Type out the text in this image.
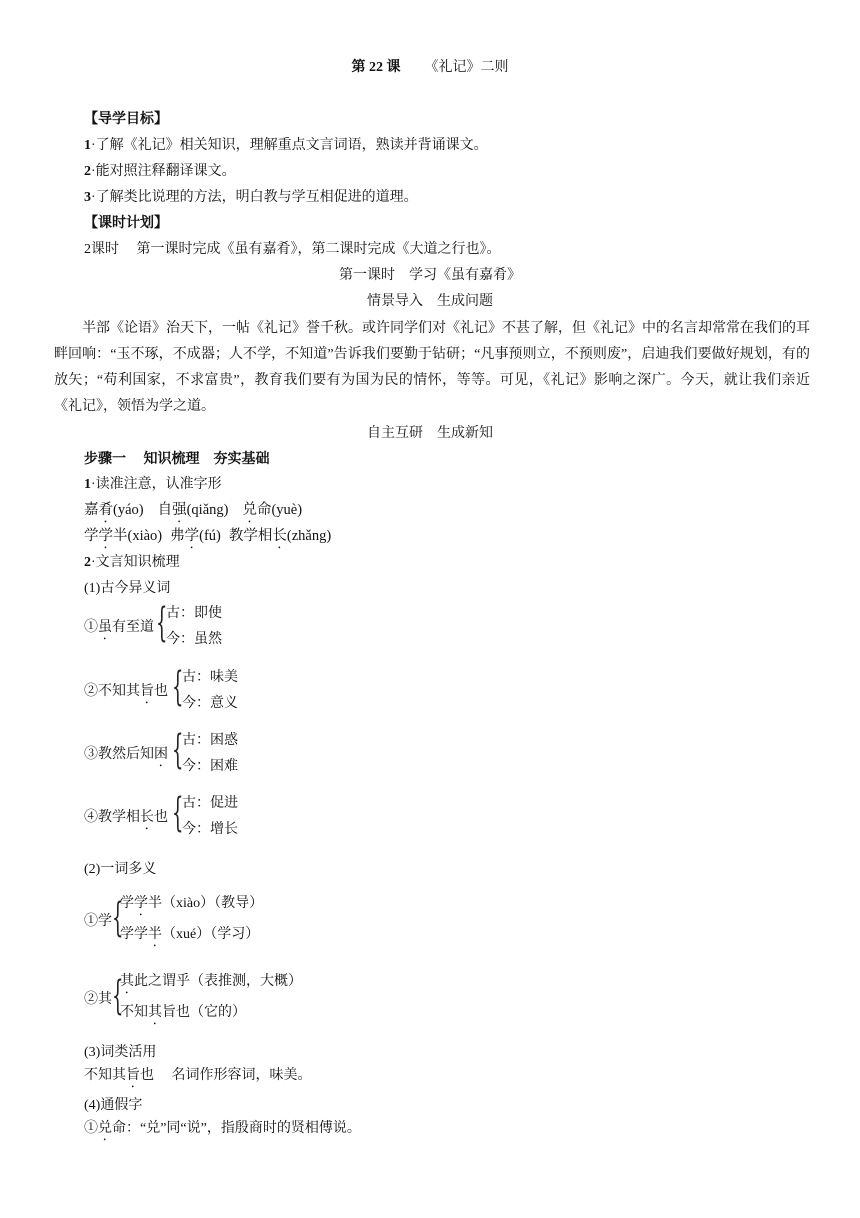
第 22 课 《礼记》二则
【导学目标】
1·了解《礼记》相关知识，理解重点文言词语，熟读并背诵课文。
2·能对照注释翻译课文。
3·了解类比说理的方法，明白教与学互相促进的道理。
【课时计划】
2课时　 第一课时完成《虽有嘉肴》，第二课时完成《大道之行也》。
第一课时　学习《虽有嘉肴》
情景导入　生成问题
半部《论语》治天下，一帖《礼记》誉千秋。或许同学们对《礼记》不甚了解，但《礼记》中的名言却常常在我们的耳畔回响：“玉不琢，不成器；人不学，不知道”告诉我们要勤于钻研；“凡事预则立，不预则废”，启迪我们要做好规划，有的放矢；“苟利国家，不求富贵”，教育我们要有为国为民的情怀，等等。可见，《礼记》影响之深广。今天，就让我们亲近《礼记》，领悟为学之道。
自主互研　生成新知
步骤一　 知识梳理　夯实基础
1·读准注意，认准字形
嘉肴(yáo) 自强(qiǎng) 兑命(yuè)
学学半(xiào) 弗学(fú) 教学相长(zhǎng)
2·文言知识梳理
(1)古今异义词
①虽有至道 {
古：即使
今：虽然
②不知其旨也 {
古：味美
今：意义
③教然后知困 {
古：困惑
今：困难
④教学相长也 {
古：促进
今：增长
(2)一词多义
①学 {
学学半（xiào）（教导）
学学半（xué）（学习）
②其 {
其此之谓乎（表推测，大概）
不知其旨也（它的）
(3)词类活用
不知其旨也　 名词作形容词，味美。
(4)通假字
①兑命：“兑”同“说”，指殷商时的贤相傅说。
